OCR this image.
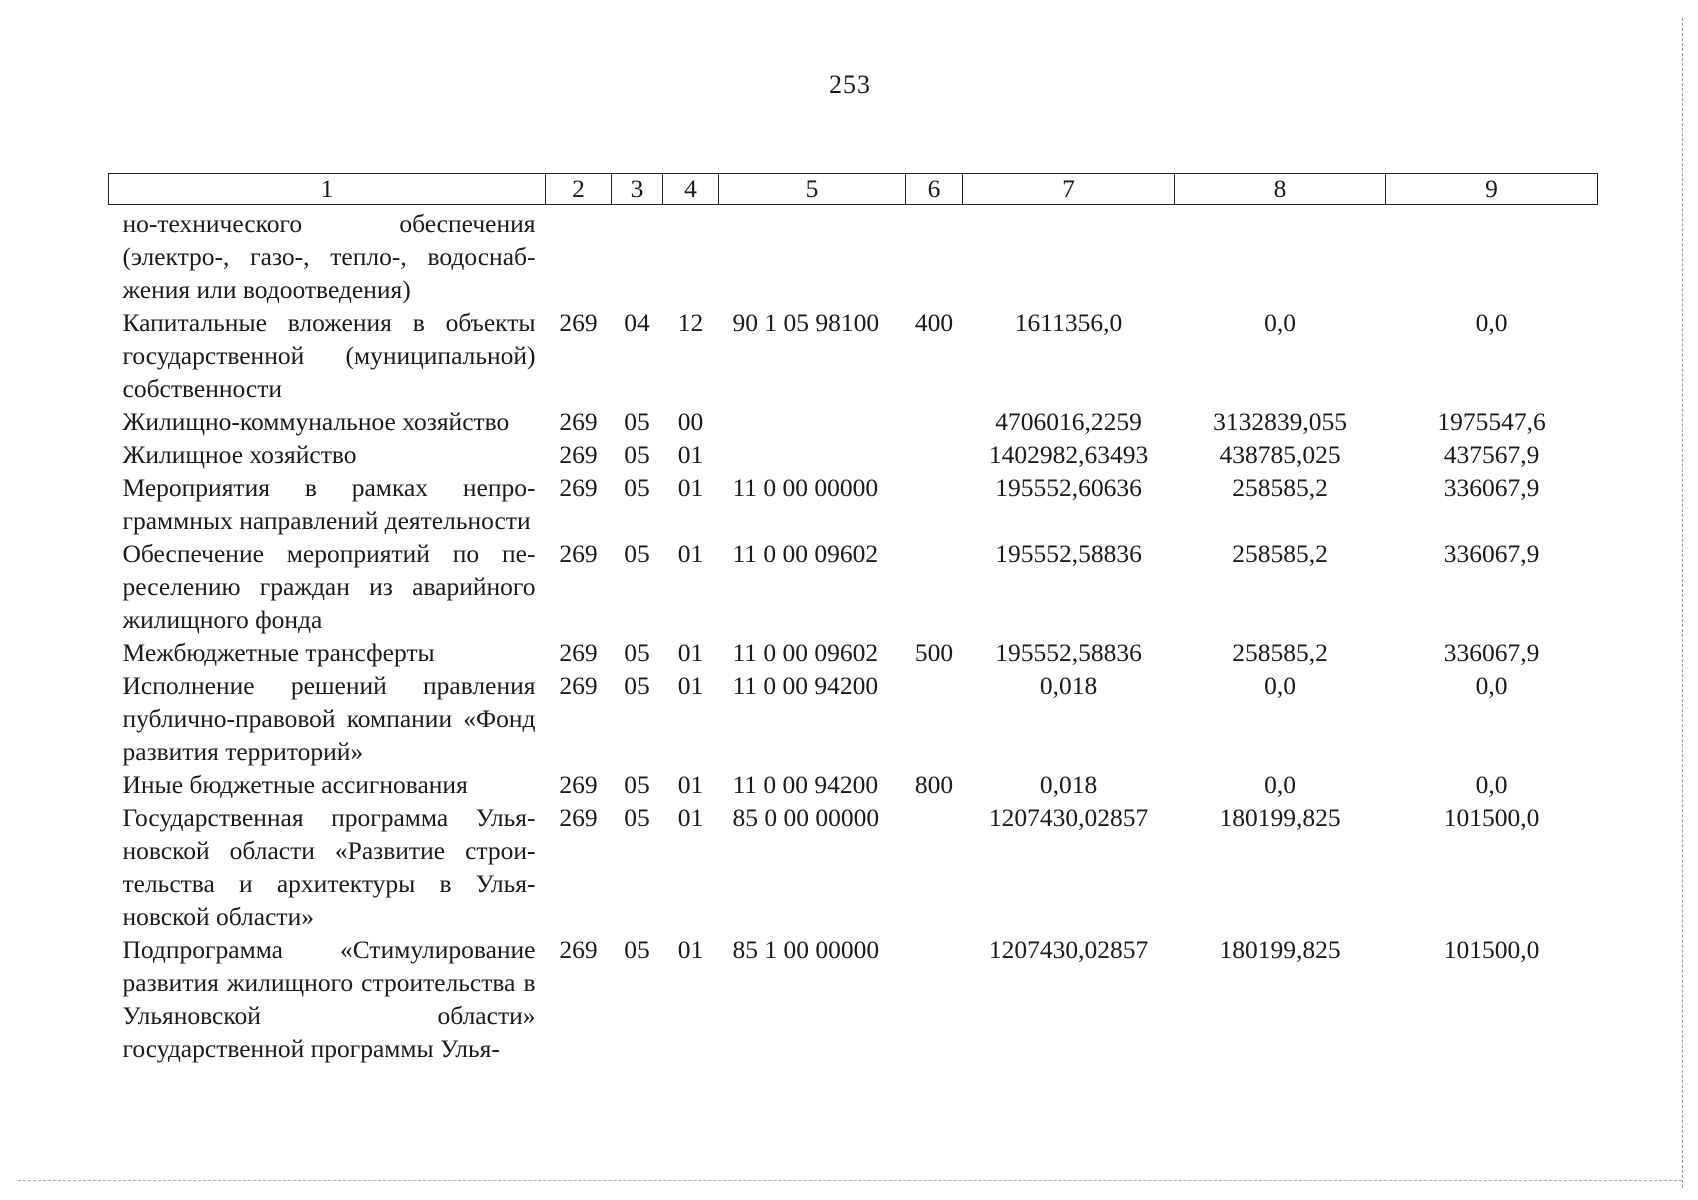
253
1	2	3	4	5	6	7	8	9
но-технического обеспечения (электро-, газо-, тепло-, водоснабжения или водоотведения)								
Капитальные вложения в объекты государственной (муниципальной) собственности	269	04	12	90 1 05 98100	400	1611356,0	0,0	0,0
Жилищно-коммунальное хозяйство	269	05	00			4706016,2259	3132839,055	1975547,6
Жилищное хозяйство	269	05	01			1402982,63493	438785,025	437567,9
Мероприятия в рамках непрограммных направлений деятельности	269	05	01	11 0 00 00000		195552,60636	258585,2	336067,9
Обеспечение мероприятий по переселению граждан из аварийного жилищного фонда	269	05	01	11 0 00 09602		195552,58836	258585,2	336067,9
Межбюджетные трансферты	269	05	01	11 0 00 09602	500	195552,58836	258585,2	336067,9
Исполнение решений правления публично-правовой компании «Фонд развития территорий»	269	05	01	11 0 00 94200		0,018	0,0	0,0
Иные бюджетные ассигнования	269	05	01	11 0 00 94200	800	0,018	0,0	0,0
Государственная программа Ульяновской области «Развитие строительства и архитектуры в Ульяновской области»	269	05	01	85 0 00 00000		1207430,02857	180199,825	101500,0
Подпрограмма «Стимулирование развития жилищного строительства в Ульяновской области» государственной программы Улья-	269	05	01	85 1 00 00000		1207430,02857	180199,825	101500,0
